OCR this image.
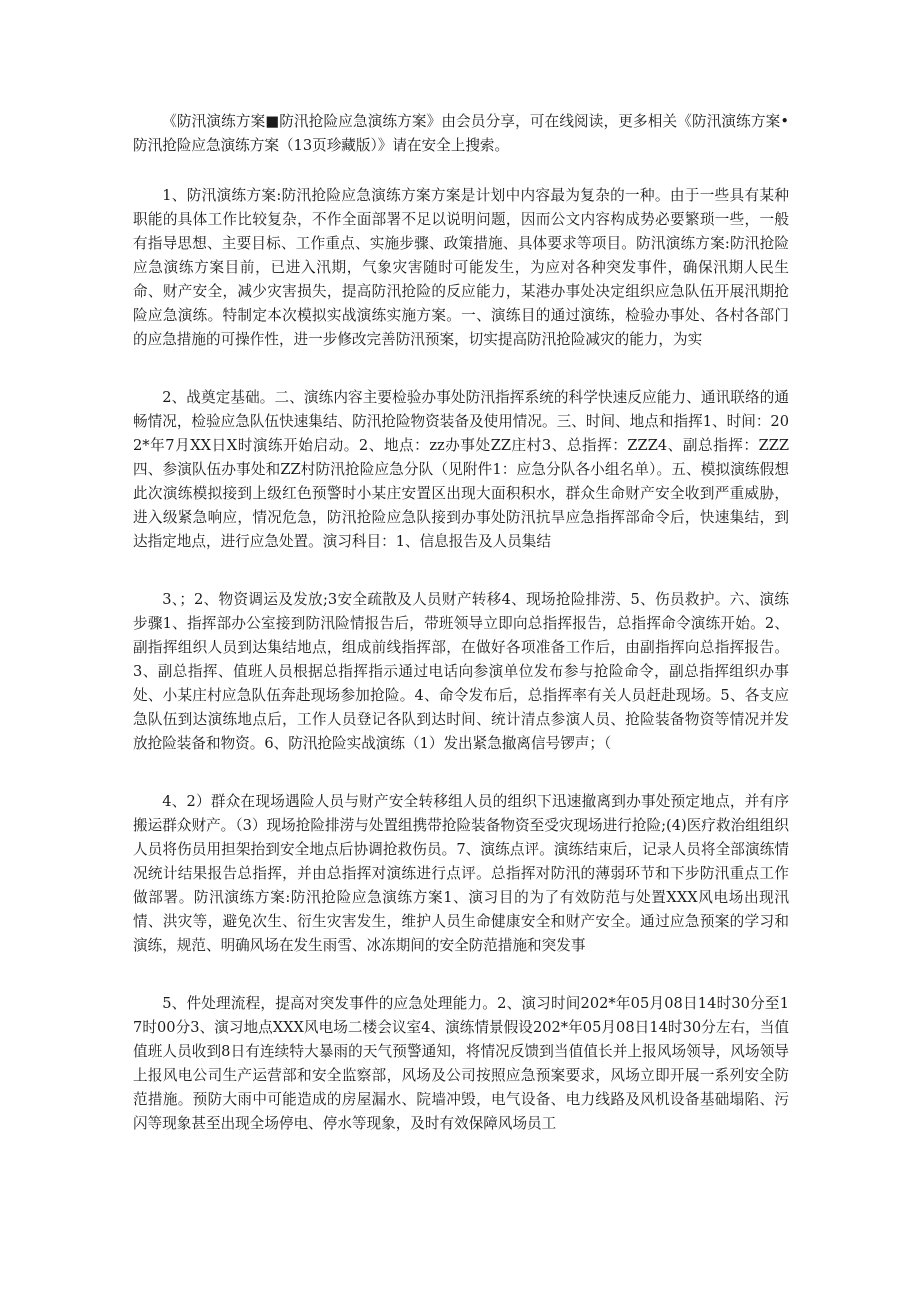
《防汛演练方案■防汛抢险应急演练方案》由会员分享，可在线阅读，更多相关《防汛演练方案•防汛抢险应急演练方案（13页珍藏版）》请在安全上搜索。

1、防汛演练方案:防汛抢险应急演练方案方案是计划中内容最为复杂的一种。由于一些具有某种职能的具体工作比较复杂，不作全面部署不足以说明问题，因而公文内容构成势必要繁琐一些，一般有指导思想、主要目标、工作重点、实施步骤、政策措施、具体要求等项目。防汛演练方案:防汛抢险应急演练方案目前，已进入汛期，气象灾害随时可能发生，为应对各种突发事件，确保汛期人民生命、财产安全，减少灾害损失，提高防汛抢险的反应能力，某港办事处决定组织应急队伍开展汛期抢险应急演练。特制定本次模拟实战演练实施方案。一、演练目的通过演练，检验办事处、各村各部门的应急措施的可操作性，进一步修改完善防汛预案，切实提高防汛抢险减灾的能力，为实

2、战奠定基础。二、演练内容主要检验办事处防汛指挥系统的科学快速反应能力、通讯联络的通畅情况，检验应急队伍快速集结、防汛抢险物资装备及使用情况。三、时间、地点和指挥1、时间：202*年7月XX日X时演练开始启动。2、地点：zz办事处ZZ庄村3、总指挥：ZZZ4、副总指挥：ZZZ四、参演队伍办事处和ZZ村防汛抢险应急分队（见附件1：应急分队各小组名单）。五、模拟演练假想此次演练模拟接到上级红色预警时小某庄安置区出现大面积积水，群众生命财产安全收到严重威胁，进入级紧急响应，情况危急，防汛抢险应急队接到办事处防汛抗旱应急指挥部命令后，快速集结，到达指定地点，进行应急处置。演习科目：1、信息报告及人员集结

3、；2、物资调运及发放;3安全疏散及人员财产转移4、现场抢险排涝、5、伤员救护。六、演练步骤1、指挥部办公室接到防汛险情报告后，带班领导立即向总指挥报告，总指挥命令演练开始。2、副指挥组织人员到达集结地点，组成前线指挥部，在做好各项准备工作后，由副指挥向总指挥报告。3、副总指挥、值班人员根据总指挥指示通过电话向参演单位发布参与抢险命令，副总指挥组织办事处、小某庄村应急队伍奔赴现场参加抢险。4、命令发布后，总指挥率有关人员赶赴现场。5、各支应急队伍到达演练地点后，工作人员登记各队到达时间、统计清点参演人员、抢险装备物资等情况并发放抢险装备和物资。6、防汛抢险实战演练（1）发出紧急撤离信号锣声；（

4、2）群众在现场遇险人员与财产安全转移组人员的组织下迅速撤离到办事处预定地点，并有序搬运群众财产。（3）现场抢险排涝与处置组携带抢险装备物资至受灾现场进行抢险;(4)医疗救治组组织人员将伤员用担架抬到安全地点后协调抢救伤员。7、演练点评。演练结束后，记录人员将全部演练情况统计结果报告总指挥，并由总指挥对演练进行点评。总指挥对防汛的薄弱环节和下步防汛重点工作做部署。防汛演练方案:防汛抢险应急演练方案1、演习目的为了有效防范与处置XXX风电场出现汛情、洪灾等，避免次生、衍生灾害发生，维护人员生命健康安全和财产安全。通过应急预案的学习和演练，规范、明确风场在发生雨雪、冰冻期间的安全防范措施和突发事

5、件处理流程，提高对突发事件的应急处理能力。2、演习时间202*年05月08日14时30分至17时00分3、演习地点XXX风电场二楼会议室4、演练情景假设202*年05月08日14时30分左右，当值值班人员收到8日有连续特大暴雨的天气预警通知，将情况反馈到当值值长并上报风场领导，风场领导上报风电公司生产运营部和安全监察部，风场及公司按照应急预案要求，风场立即开展一系列安全防范措施。预防大雨中可能造成的房屋漏水、院墙冲毁，电气设备、电力线路及风机设备基础塌陷、污闪等现象甚至出现全场停电、停水等现象，及时有效保障风场员工
